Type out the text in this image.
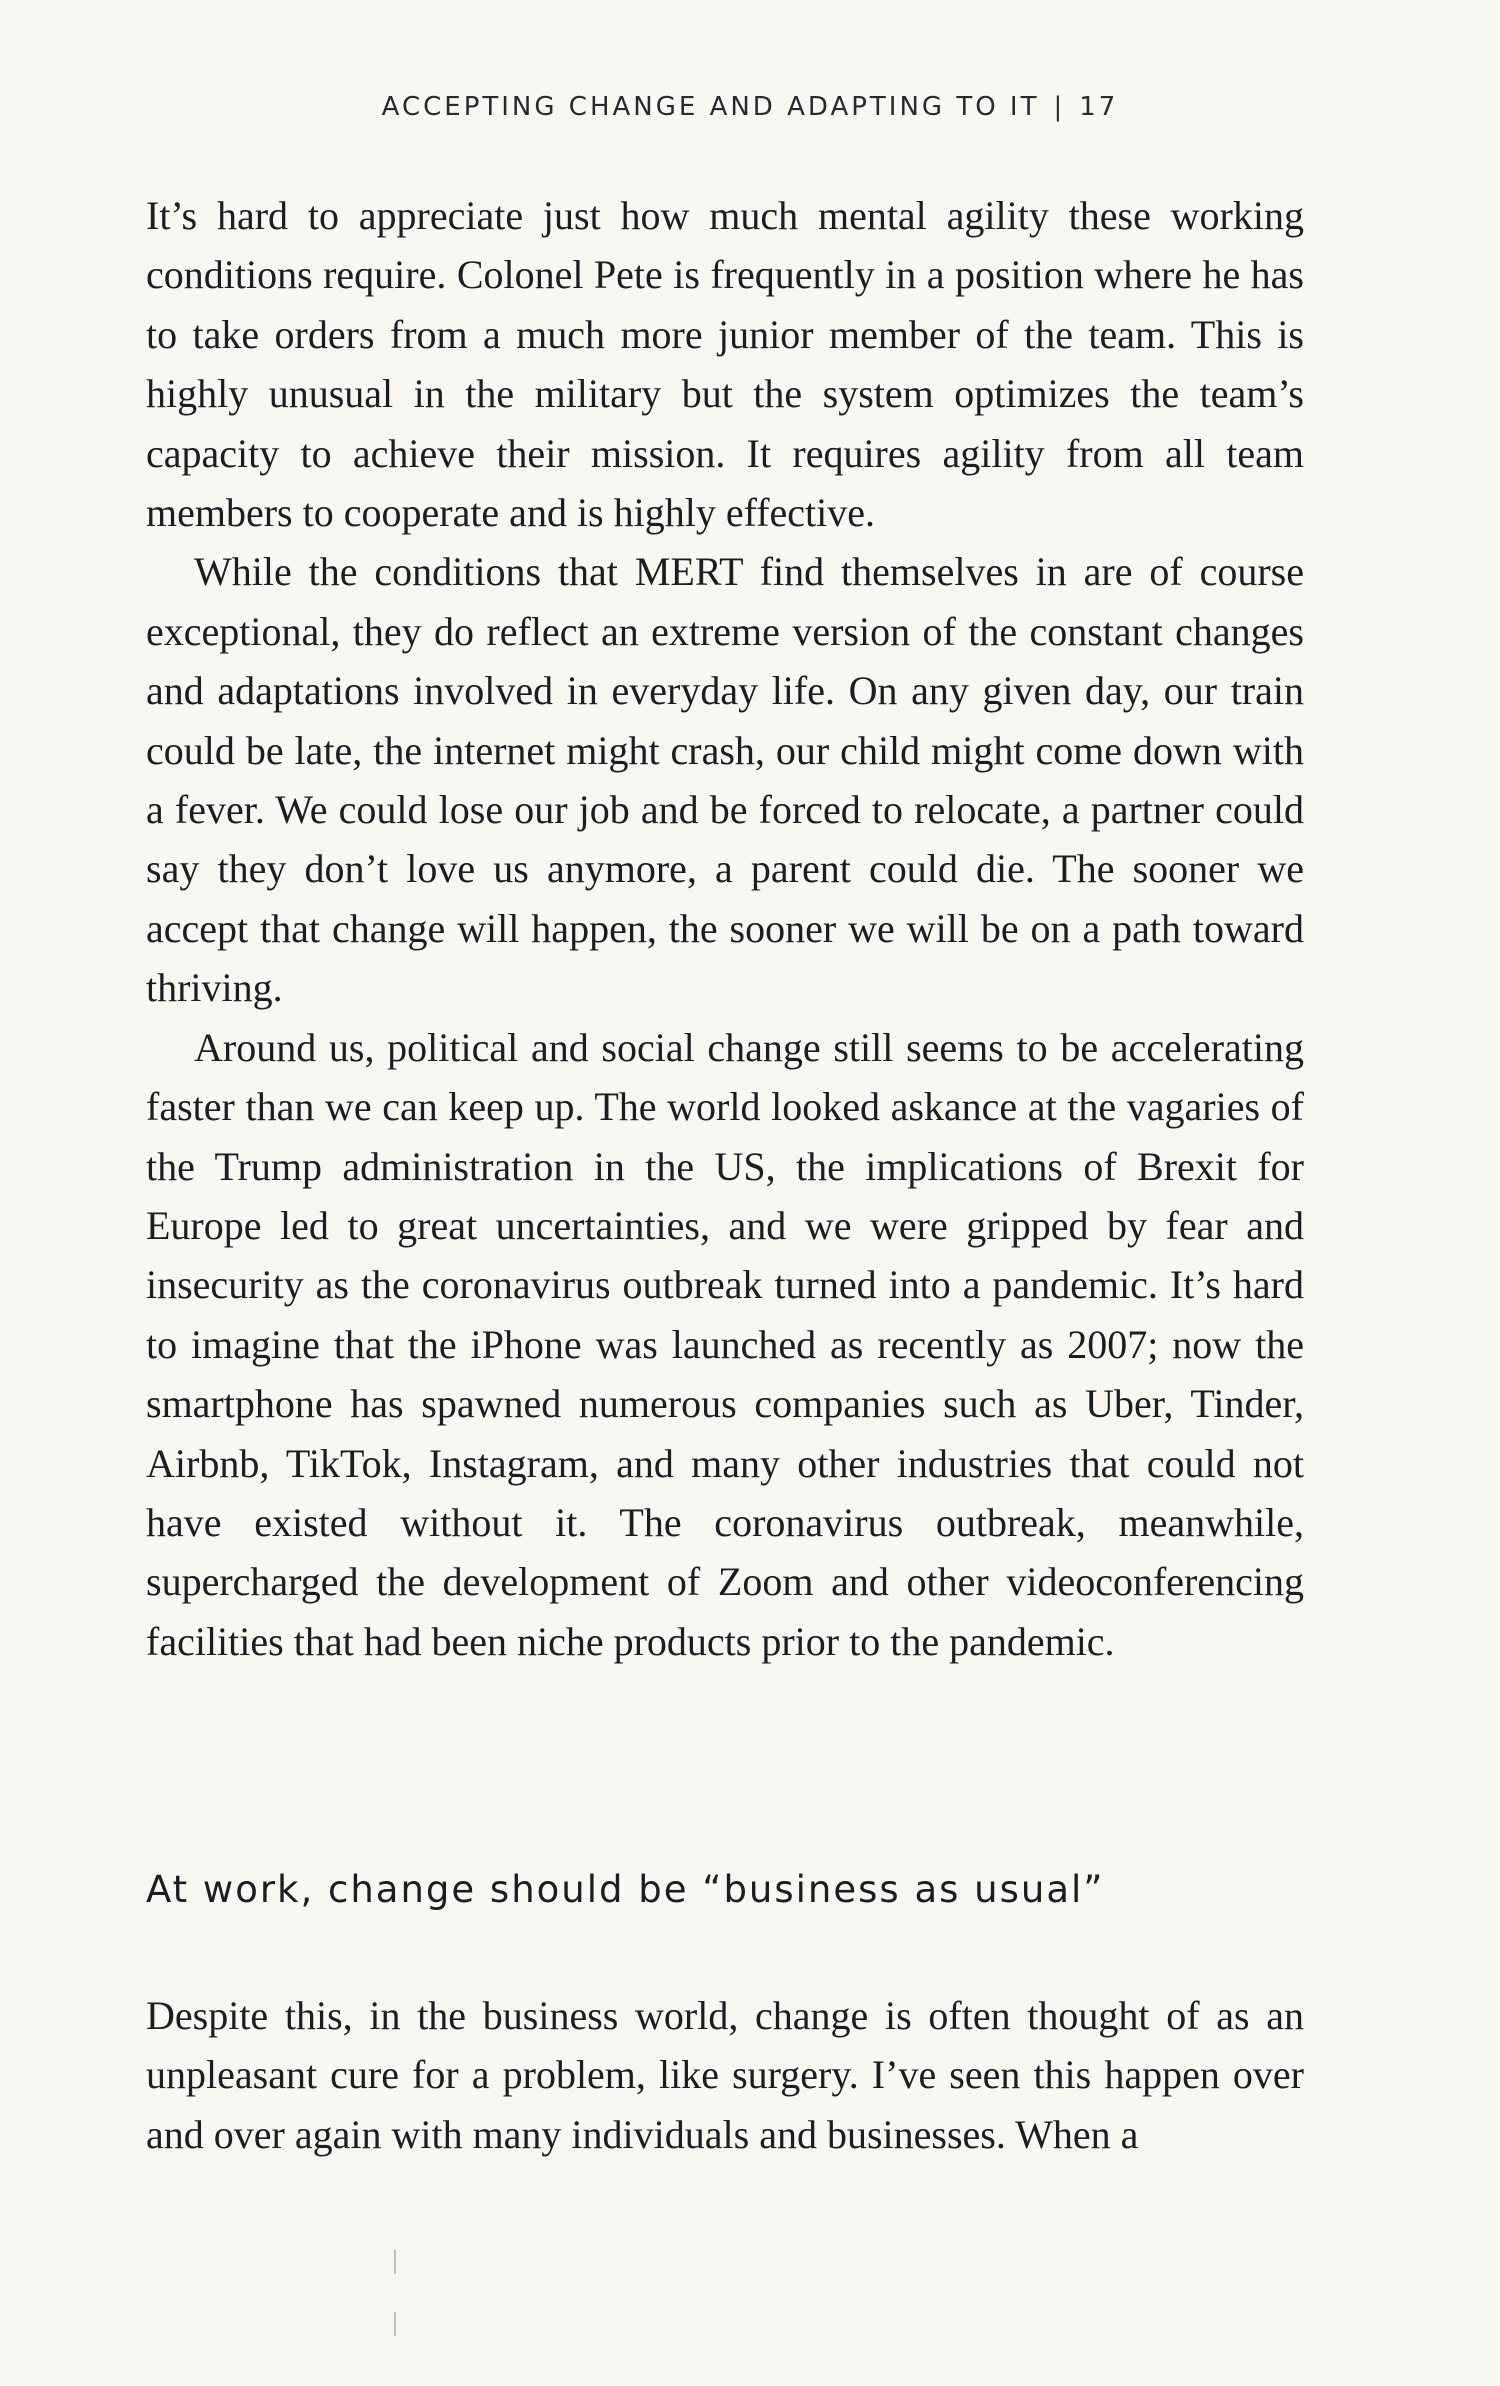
ACCEPTING CHANGE AND ADAPTING TO IT | 17

It’s hard to appreciate just how much mental agility these working conditions require. Colonel Pete is frequently in a position where he has to take orders from a much more junior member of the team. This is highly unusual in the military but the system optimizes the team’s capacity to achieve their mission. It requires agility from all team members to cooperate and is highly effective.

While the conditions that MERT find themselves in are of course exceptional, they do reflect an extreme version of the constant changes and adaptations involved in everyday life. On any given day, our train could be late, the internet might crash, our child might come down with a fever. We could lose our job and be forced to relocate, a partner could say they don’t love us anymore, a parent could die. The sooner we accept that change will happen, the sooner we will be on a path toward thriving.

Around us, political and social change still seems to be accelerating faster than we can keep up. The world looked askance at the vagaries of the Trump administration in the US, the implications of Brexit for Europe led to great uncertainties, and we were gripped by fear and insecurity as the coronavirus outbreak turned into a pandemic. It’s hard to imagine that the iPhone was launched as recently as 2007; now the smartphone has spawned numerous companies such as Uber, Tinder, Airbnb, TikTok, Instagram, and many other industries that could not have existed without it. The coronavirus outbreak, meanwhile, supercharged the development of Zoom and other videoconferencing facilities that had been niche products prior to the pandemic.

At work, change should be “business as usual”

Despite this, in the business world, change is often thought of as an unpleasant cure for a problem, like surgery. I’ve seen this happen over and over again with many individuals and businesses. When a
